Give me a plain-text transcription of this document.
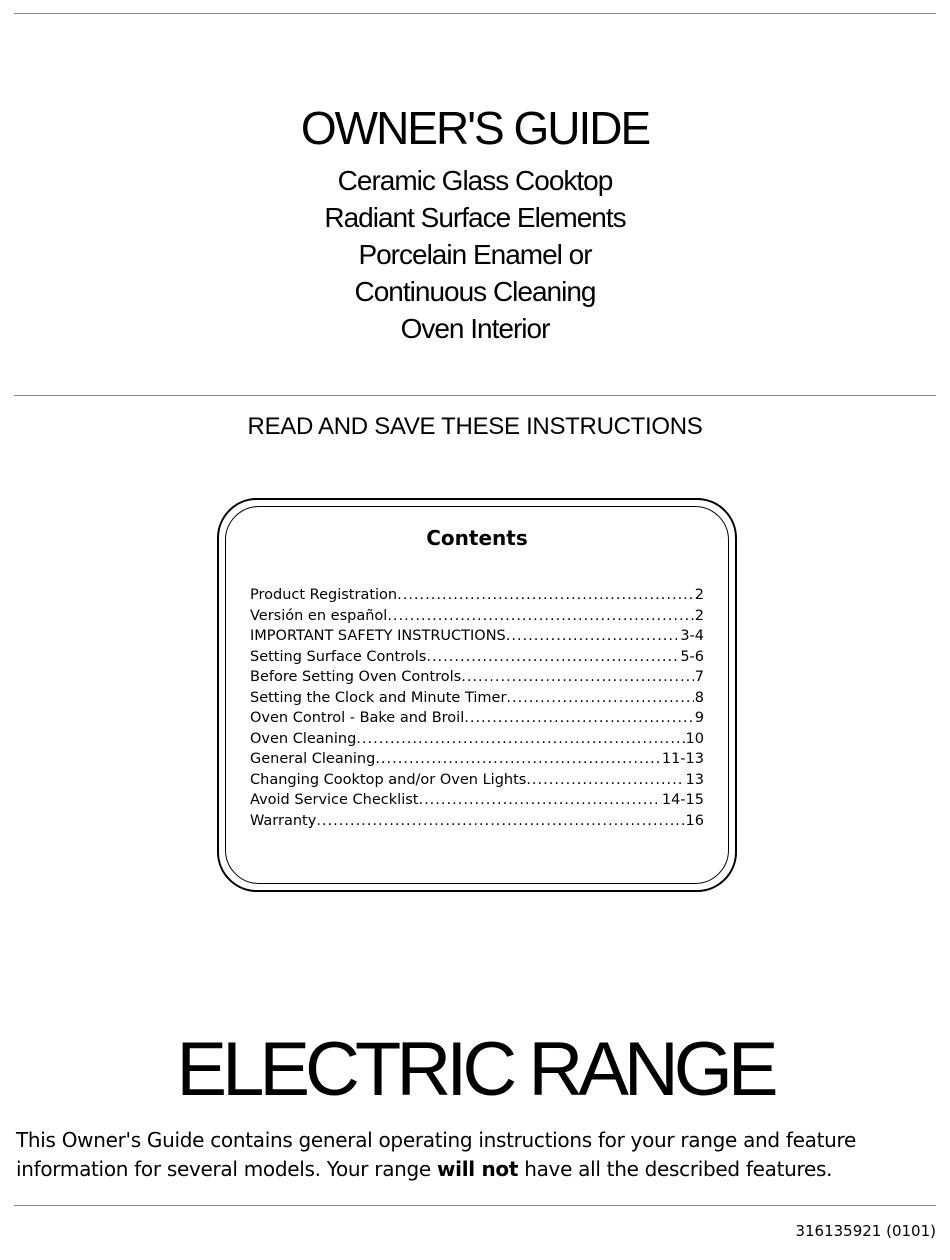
OWNER'S GUIDE
Ceramic Glass Cooktop
Radiant Surface Elements
Porcelain Enamel or
Continuous Cleaning
Oven Interior
READ AND SAVE THESE INSTRUCTIONS
Contents
Product Registration .....	2
Versión en español .....	2
IMPORTANT SAFETY INSTRUCTIONS .....	3-4
Setting Surface Controls .....	5-6
Before Setting Oven Controls .....	7
Setting the Clock and Minute Timer .....	8
Oven Control - Bake and Broil .....	9
Oven Cleaning .....	10
General Cleaning .....	11-13
Changing Cooktop and/or Oven Lights .....	13
Avoid Service Checklist .....	14-15
Warranty .....	16
ELECTRIC RANGE
This Owner's Guide contains general operating instructions for your range and feature information for several models. Your range will not have all the described features.
316135921 (0101)
